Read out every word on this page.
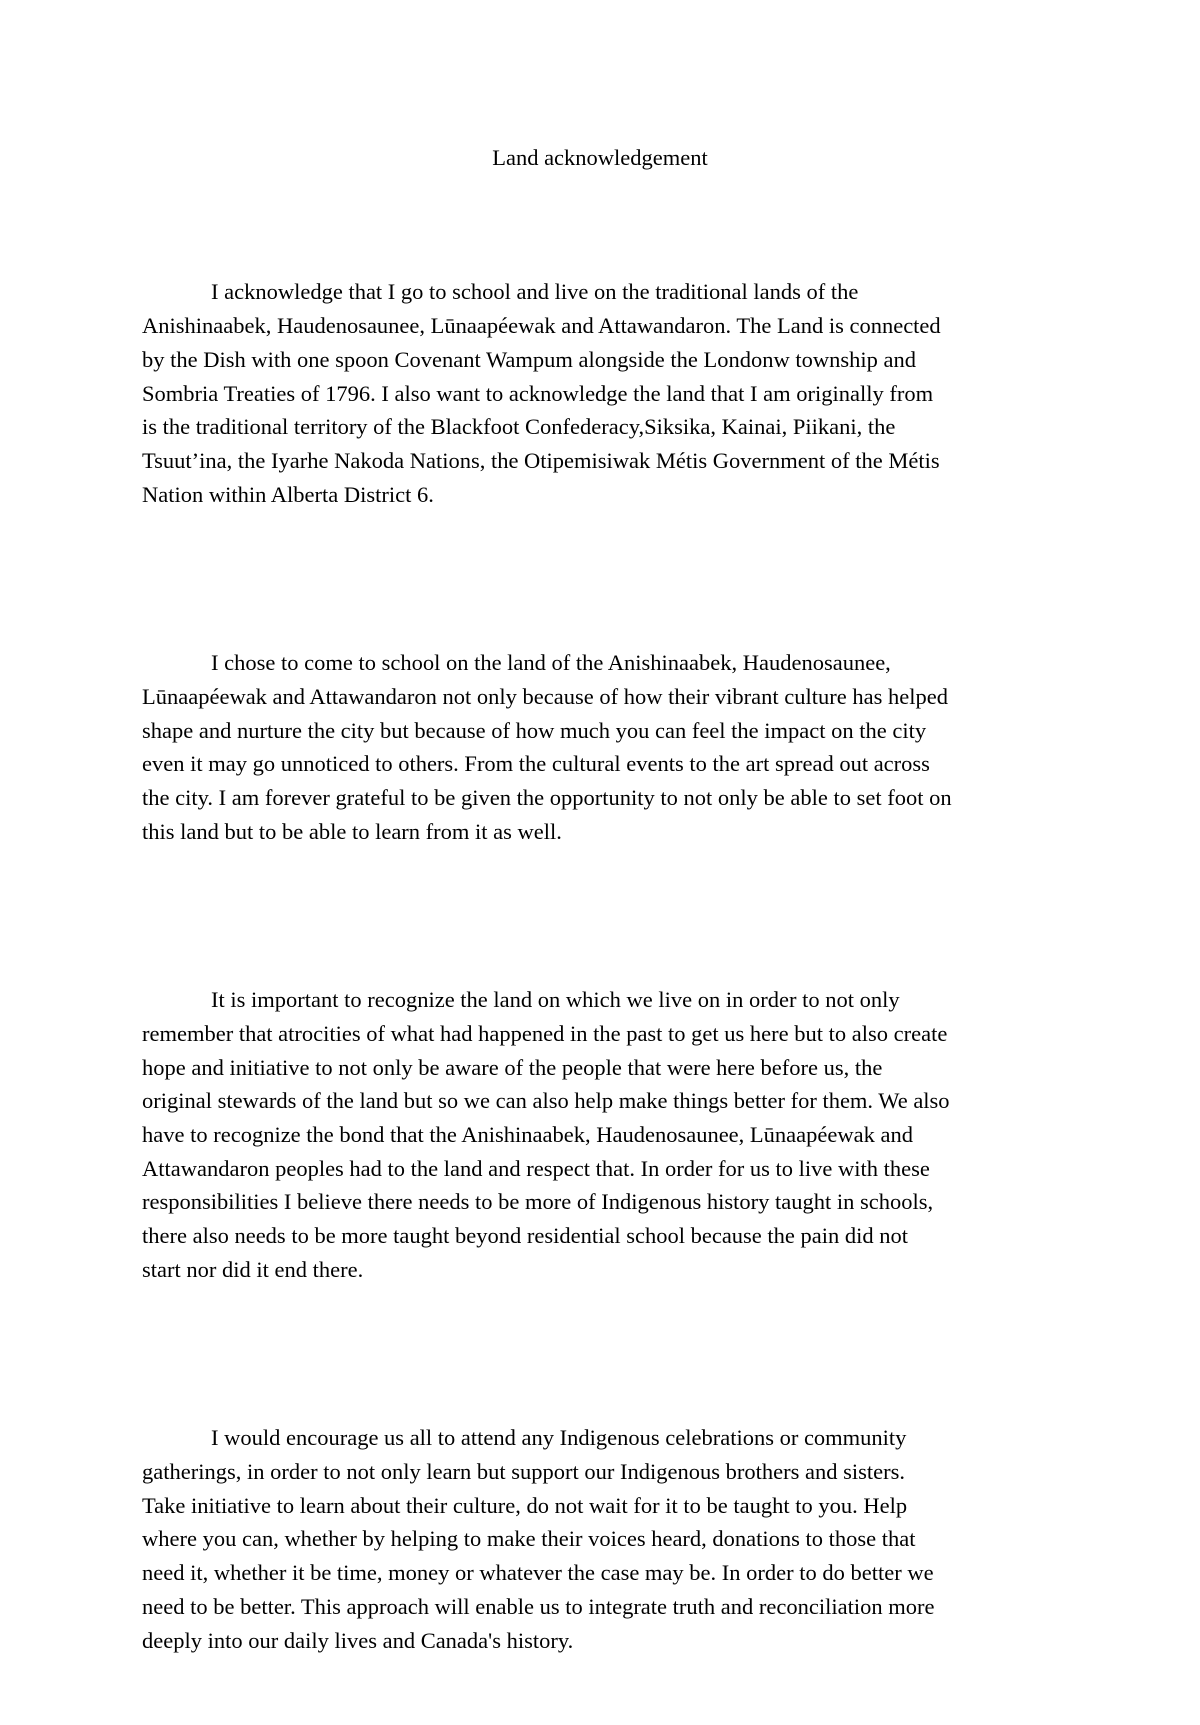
Land acknowledgement

I acknowledge that I go to school and live on the traditional lands of the
Anishinaabek, Haudenosaunee, Lūnaapéewak and Attawandaron. The Land is connected
by the Dish with one spoon Covenant Wampum alongside the Londonw township and
Sombria Treaties of 1796. I also want to acknowledge the land that I am originally from
is the traditional territory of the Blackfoot Confederacy,Siksika, Kainai, Piikani, the
Tsuut’ina, the Iyarhe Nakoda Nations, the Otipemisiwak Métis Government of the Métis
Nation within Alberta District 6.

I chose to come to school on the land of the Anishinaabek, Haudenosaunee,
Lūnaapéewak and Attawandaron not only because of how their vibrant culture has helped
shape and nurture the city but because of how much you can feel the impact on the city
even it may go unnoticed to others. From the cultural events to the art spread out across
the city. I am forever grateful to be given the opportunity to not only be able to set foot on
this land but to be able to learn from it as well.

It is important to recognize the land on which we live on in order to not only
remember that atrocities of what had happened in the past to get us here but to also create
hope and initiative to not only be aware of the people that were here before us, the
original stewards of the land but so we can also help make things better for them. We also
have to recognize the bond that the Anishinaabek, Haudenosaunee, Lūnaapéewak and
Attawandaron peoples had to the land and respect that. In order for us to live with these
responsibilities I believe there needs to be more of Indigenous history taught in schools,
there also needs to be more taught beyond residential school because the pain did not
start nor did it end there.

I would encourage us all to attend any Indigenous celebrations or community
gatherings, in order to not only learn but support our Indigenous brothers and sisters.
Take initiative to learn about their culture, do not wait for it to be taught to you. Help
where you can, whether by helping to make their voices heard, donations to those that
need it, whether it be time, money or whatever the case may be. In order to do better we
need to be better. This approach will enable us to integrate truth and reconciliation more
deeply into our daily lives and Canada's history.
